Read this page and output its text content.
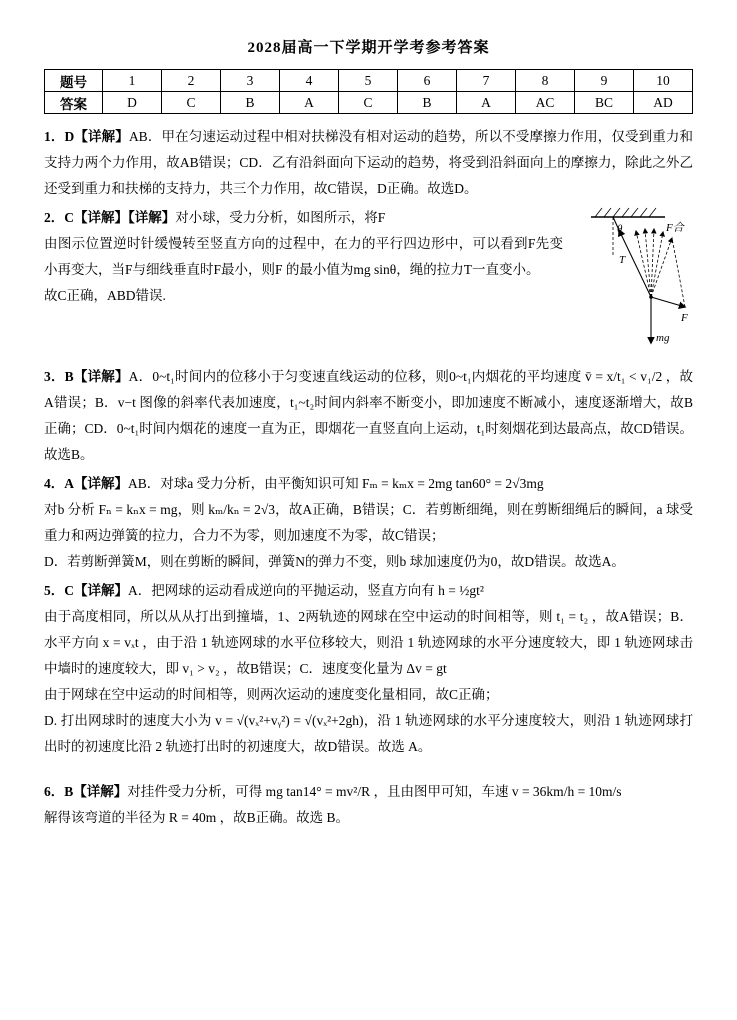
2028届高一下学期开学考参考答案
题号	1	2	3	4	5	6	7	8	9	10
答案	D	C	B	A	C	B	A	AC	BC	AD
1．D【详解】AB．甲在匀速运动过程中相对扶梯没有相对运动的趋势，所以不受摩擦力作用，仅受到重力和支持力两个力作用，故AB错误；CD．乙有沿斜面向下运动的趋势，将受到沿斜面向上的摩擦力，除此之外乙还受到重力和扶梯的支持力，共三个力作用，故C错误，D正确。故选D。
θ
T
F合
F
mg
2．C【详解】【详解】对小球，受力分析，如图所示，将F
由图示位置逆时针缓慢转至竖直方向的过程中，在力的平行四边形中，可以看到F先变小再变大，当F与细线垂直时F最小，则F 的最小值为mg sinθ，绳的拉力T一直变小。
故C正确，ABD错误.
3．B【详解】A．0~t₁时间内的位移小于匀变速直线运动的位移，则0~t₁内烟花的平均速度 v̄ = x/t₁ < v₁/2 ，故A错误；B．v−t 图像的斜率代表加速度，t₁~t₂时间内斜率不断变小，即加速度不断减小，速度逐渐增大，故B正确；CD．0~t₁时间内烟花的速度一直为正，即烟花一直竖直向上运动，t₁时刻烟花到达最高点，故CD错误。故选B。
4．A【详解】AB．对球a 受力分析，由平衡知识可知 Fₘ = kₘx = 2mg tan60° = 2√3mg
对b 分析 Fₙ = kₙx = mg，则 kₘ/kₙ = 2√3，故A正确，B错误；C．若剪断细绳，则在剪断细绳后的瞬间，a 球受重力和两边弹簧的拉力，合力不为零，则加速度不为零，故C错误；
D．若剪断弹簧M，则在剪断的瞬间，弹簧N的弹力不变，则b 球加速度仍为0，故D错误。故选A。
5．C【详解】A．把网球的运动看成逆向的平抛运动，竖直方向有 h = ½gt²
由于高度相同，所以从从打出到撞墙，1、2两轨迹的网球在空中运动的时间相等，则 t₁ = t₂ ，故A错误；B．水平方向 x = vₓt ，由于沿 1 轨迹网球的水平位移较大，则沿 1 轨迹网球的水平分速度较大，即 1 轨迹网球击中墙时的速度较大，即 v₁ > v₂ ，故B错误；C．速度变化量为 Δv = gt
由于网球在空中运动的时间相等，则两次运动的速度变化量相同，故C正确；
D. 打出网球时的速度大小为 v = √(vₓ²+vᵧ²) = √(vₓ²+2gh)，沿 1 轨迹网球的水平分速度较大，则沿 1 轨迹网球打出时的初速度比沿 2 轨迹打出时的初速度大，故D错误。故选 A。
6．B【详解】对挂件受力分析，可得 mg tan14° = mv²/R ，且由图甲可知，车速 v = 36km/h = 10m/s
解得该弯道的半径为 R = 40m ，故B正确。故选 B。
